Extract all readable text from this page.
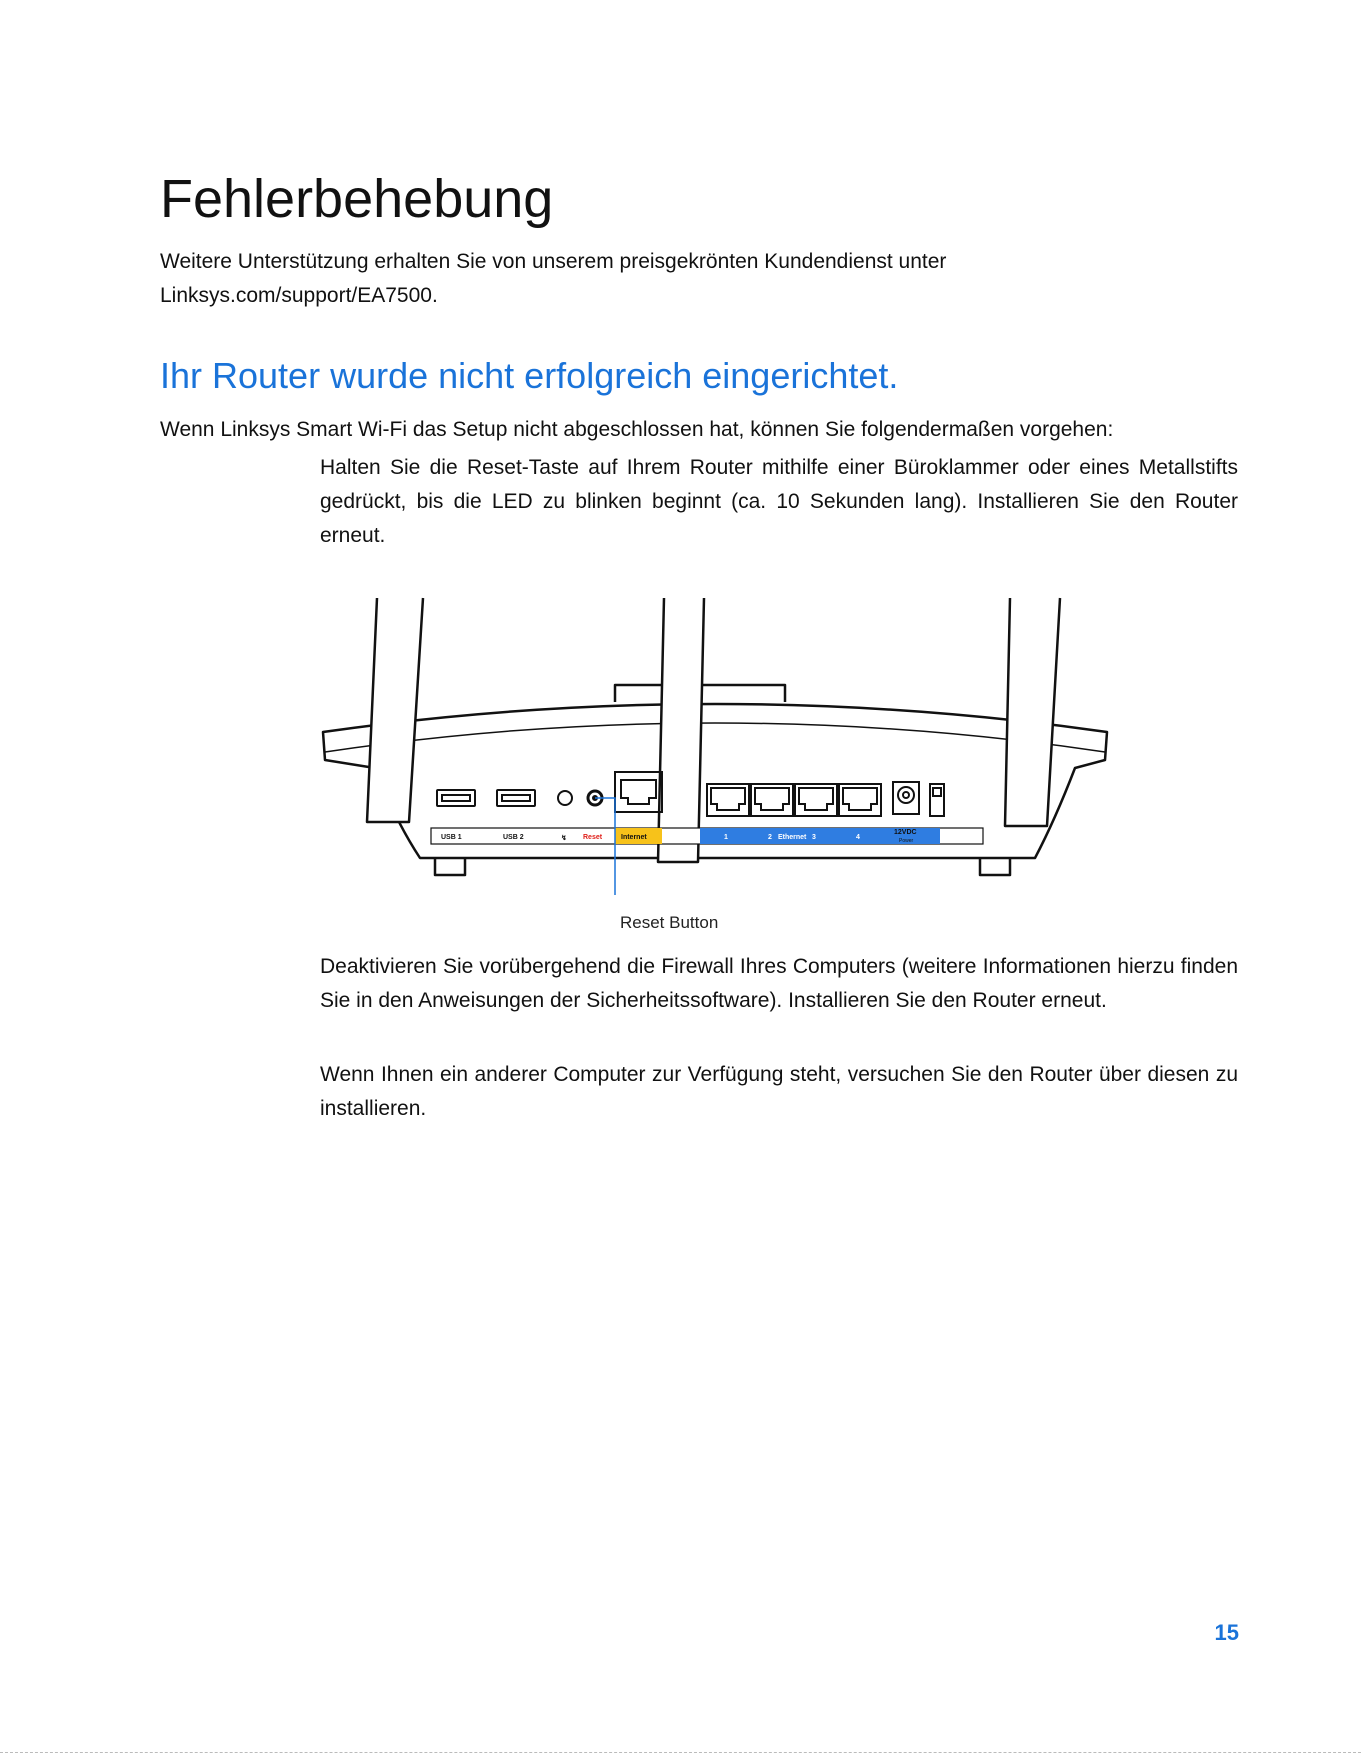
Fehlerbehebung

Weitere Unterstützung erhalten Sie von unserem preisgekrönten Kundendienst unter
Linksys.com/support/EA7500.

Ihr Router wurde nicht erfolgreich eingerichtet.

Wenn Linksys Smart Wi-Fi das Setup nicht abgeschlossen hat, können Sie folgendermaßen vorgehen:

Halten Sie die Reset-Taste auf Ihrem Router mithilfe einer Büroklammer oder eines Metallstifts gedrückt, bis die LED zu blinken beginnt (ca. 10 Sekunden lang). Installieren Sie den Router erneut.

USB 1	USB 2	↯ Reset	Internet	1	2 Ethernet 3	4
12VDC
Power
Reset Button

Deaktivieren Sie vorübergehend die Firewall Ihres Computers (weitere Informationen hierzu finden Sie in den Anweisungen der Sicherheitssoftware). Installieren Sie den Router erneut.

Wenn Ihnen ein anderer Computer zur Verfügung steht, versuchen Sie den Router über diesen zu installieren.

15
